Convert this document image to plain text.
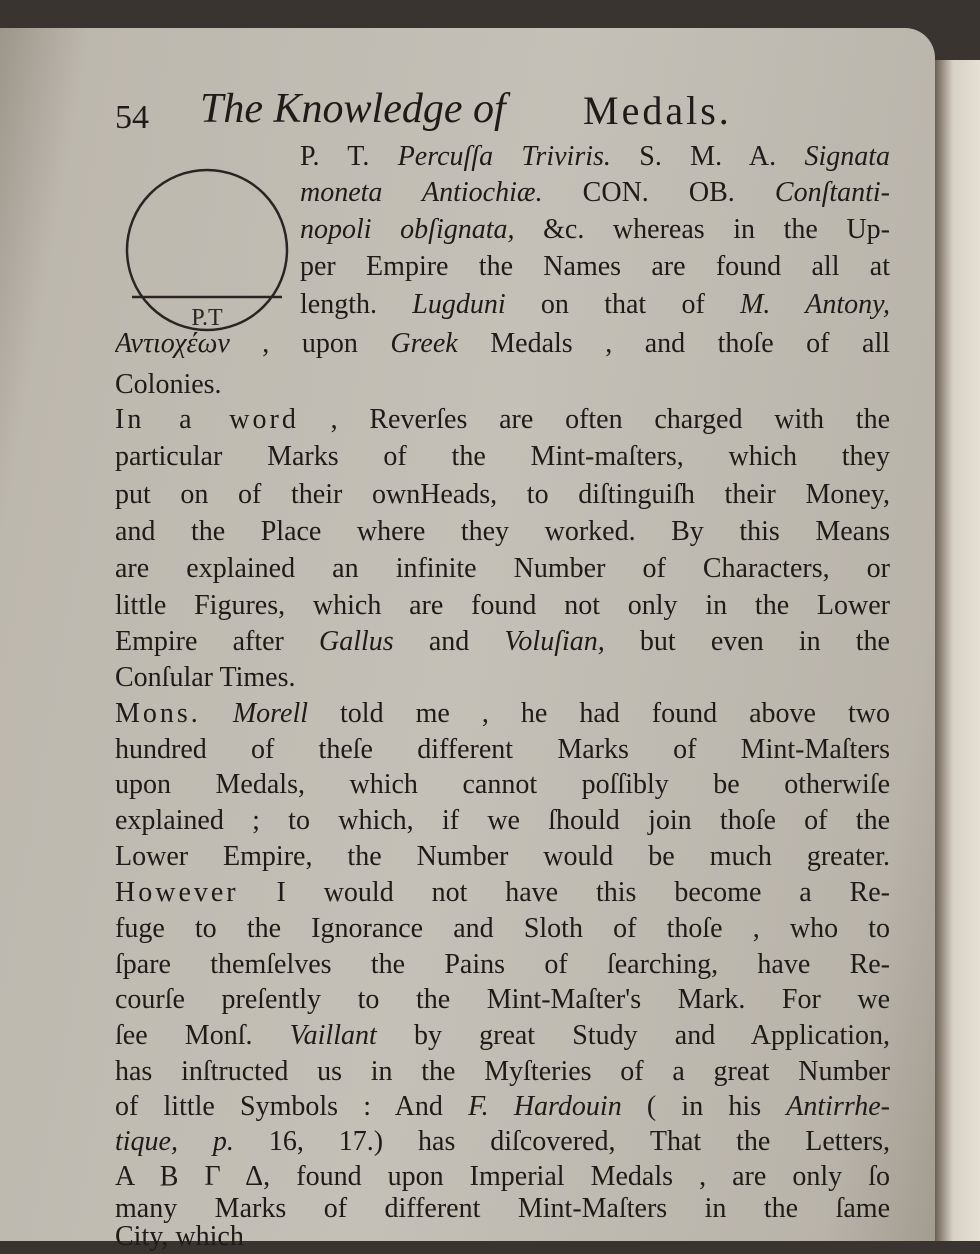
54 The Knowledge of Medals.
P.T
P. T. Percuſſa Triviris. S. M. A. Signata
moneta Antiochiæ. CON. OB. Conſtanti-
nopoli obſignata, &c. whereas in the Up-
per Empire the Names are found all at
length. Lugduni on that of M. Antony,
Αντιοχέων , upon Greek Medals , and thoſe of all
Colonies.
In a word , Reverſes are often charged with the
particular Marks of the Mint-maſters, which they
put on of their ownHeads, to diſtinguiſh their Money,
and the Place where they worked. By this Means
are explained an infinite Number of Characters, or
little Figures, which are found not only in the Lower
Empire after Gallus and Voluſian, but even in the
Conſular Times.
Mons. Morell told me , he had found above two
hundred of theſe different Marks of Mint-Maſters
upon Medals, which cannot poſſibly be otherwiſe
explained ; to which, if we ſhould join thoſe of the
Lower Empire, the Number would be much greater.
However I would not have this become a Re-
fuge to the Ignorance and Sloth of thoſe , who to
ſpare themſelves the Pains of ſearching, have Re-
courſe preſently to the Mint-Maſter's Mark. For we
ſee Monſ. Vaillant by great Study and Application,
has inſtructed us in the Myſteries of a great Number
of little Symbols : And F. Hardouin ( in his Antirrhe-
tique, p. 16, 17.) has diſcovered, That the Letters,
Α Β Γ Δ, found upon Imperial Medals , are only ſo
many Marks of different Mint-Maſters in the ſame
City, which
